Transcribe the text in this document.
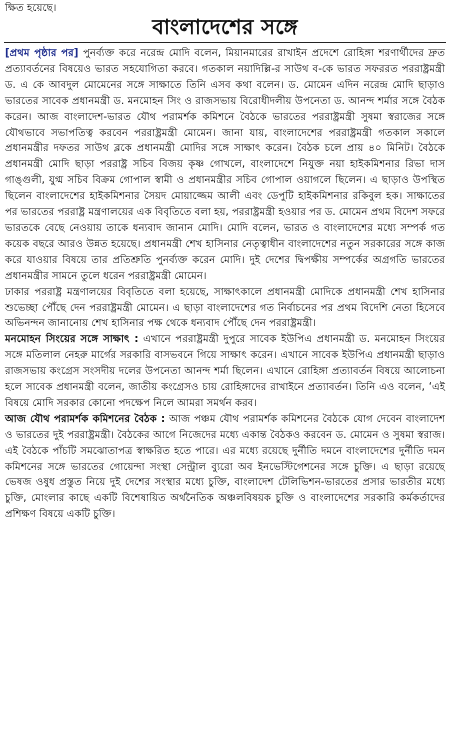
ক্ষিত হয়েছে।
বাংলাদেশের সঙ্গে

[প্রথম পৃষ্ঠার পর] পুনর্ব্যক্ত করে নরেন্দ্র মোদি বলেন, মিয়ানমারের রাখাইন প্রদেশে রোহিঙ্গা শরণার্থীদের দ্রুত প্রত্যাবর্তনের বিষয়েও ভারত সহযোগিতা করবে। গতকাল নয়াদিল্লি-র সাউথ ব-কে ভারত সফররত পররাষ্ট্রমন্ত্রী ড. এ কে আবদুল মোমেনের সঙ্গে সাক্ষাতে তিনি এসব কথা বলেন। ড. মোমেন এদিন নরেন্দ্র মোদি ছাড়াও ভারতের সাবেক প্রধানমন্ত্রী ড. মনমোহন সিং ও রাজসভায় বিরোধীদলীয় উপনেতা ড. আনন্দ শর্মার সঙ্গে বৈঠক করেন। আজ বাংলাদেশ-ভারত যৌথ পরামর্শক কমিশনে বৈঠকে ভারতের পররাষ্ট্রমন্ত্রী সুষমা স্বরাজের সঙ্গে যৌথভাবে সভাপতিত্ব করবেন পররাষ্ট্রমন্ত্রী মোমেন। জানা যায়, বাংলাদেশের পররাষ্ট্রমন্ত্রী গতকাল সকালে প্রধানমন্ত্রীর দফতর সাউথ ব্লকে প্রধানমন্ত্রী মোদির সঙ্গে সাক্ষাৎ করেন। বৈঠক চলে প্রায় ৪০ মিনিট। বৈঠকে প্রধানমন্ত্রী মোদি ছাড়া পররাষ্ট্র সচিব বিজয় কৃষ্ণ গোখলে, বাংলাদেশে নিযুক্ত নয়া হাইকমিশনার রিভা দাস গাঙ্গুলী, যুগ্ম সচিব বিক্রম গোপাল স্বামী ও প্রধানমন্ত্রীর সচিব গোপাল ওয়াগলে ছিলেন। এ ছাড়াও উপস্থিত ছিলেন বাংলাদেশের হাইকমিশনার সৈয়দ মোয়াজ্জেম আলী এবং ডেপুটি হাইকমিশনার রকিবুল হক। সাক্ষাতের পর ভারতের পররাষ্ট্র মন্ত্রণালয়ের এক বিবৃতিতে বলা হয়, পররাষ্ট্রমন্ত্রী হওয়ার পর ড. মোমেন প্রথম বিদেশ সফরে ভারতকে বেছে নেওয়ায় তাকে ধন্যবাদ জানান মোদি। মোদি বলেন, ভারত ও বাংলাদেশের মধ্যে সম্পর্ক গত কয়েক বছরে আরও উন্নত হয়েছে। প্রধানমন্ত্রী শেখ হাসিনার নেতৃত্বাধীন বাংলাদেশের নতুন সরকারের সঙ্গে কাজ করে যাওয়ার বিষয়ে তার প্রতিশ্রুতি পুনর্ব্যক্ত করেন মোদি। দুই দেশের দ্বিপক্ষীয় সম্পর্কের অগ্রগতি ভারতের প্রধানমন্ত্রীর সামনে তুলে ধরেন পররাষ্ট্রমন্ত্রী মোমেন।

ঢাকার পররাষ্ট্র মন্ত্রণালয়ের বিবৃতিতে বলা হয়েছে, সাক্ষাৎকালে প্রধানমন্ত্রী মোদিকে প্রধানমন্ত্রী শেখ হাসিনার শুভেচ্ছা পৌঁছে দেন পররাষ্ট্রমন্ত্রী মোমেন। এ ছাড়া বাংলাদেশের গত নির্বাচনের পর প্রথম বিদেশি নেতা হিসেবে অভিনন্দন জানানোয় শেখ হাসিনার পক্ষ থেকে ধন্যবাদ পৌঁছে দেন পররাষ্ট্রমন্ত্রী।

মনমোহন সিংয়ের সঙ্গে সাক্ষাৎ : এখানে পররাষ্ট্রমন্ত্রী দুপুরে সাবেক ইউপিএ প্রধানমন্ত্রী ড. মনমোহন সিংয়ের সঙ্গে মতিলাল নেহরু মার্গের সরকারি বাসভবনে গিয়ে সাক্ষাৎ করেন। এখানে সাবেক ইউপিএ প্রধানমন্ত্রী ছাড়াও রাজসভায় কংগ্রেস সংসদীয় দলের উপনেতা আনন্দ শর্মা ছিলেন। এখানে রোহিঙ্গা প্রত্যাবর্তন বিষয়ে আলোচনা হলে সাবেক প্রধানমন্ত্রী বলেন, জাতীয় কংগ্রেসও চায় রোহিঙ্গাদের রাখাইনে প্রত্যাবর্তন। তিনি এও বলেন, ‘এই বিষয়ে মোদি সরকার কোনো পদক্ষেপ নিলে আমরা সমর্থন করব।

আজ যৌথ পরামর্শক কমিশনের বৈঠক : আজ পঞ্চম যৌথ পরামর্শক কমিশনের বৈঠকে যোগ দেবেন বাংলাদেশ ও ভারতের দুই পররাষ্ট্রমন্ত্রী। বৈঠকের আগে নিজেদের মধ্যে একান্ত বৈঠকও করবেন ড. মোমেন ও সুষমা স্বরাজ। এই বৈঠকে পাঁচটি সমঝোতাপত্র স্বাক্ষরিত হতে পারে। এর মধ্যে রয়েছে দুর্নীতি দমনে বাংলাদেশের দুর্নীতি দমন কমিশনের সঙ্গে ভারতের গোয়েন্দা সংস্থা সেন্ট্রাল ব্যুরো অব ইনভেস্টিগেশনের সঙ্গে চুক্তি। এ ছাড়া রয়েছে ভেষজ ওষুধ প্রস্তুত নিয়ে দুই দেশের সংস্থার মধ্যে চুক্তি, বাংলাদেশ টেলিভিশন-ভারতের প্রসার ভারতীর মধ্যে চুক্তি, মোংলার কাছে একটি বিশেষায়িত অর্থনৈতিক অঞ্চলবিষয়ক চুক্তি ও বাংলাদেশের সরকারি কর্মকর্তাদের প্রশিক্ষণ বিষয়ে একটি চুক্তি।
